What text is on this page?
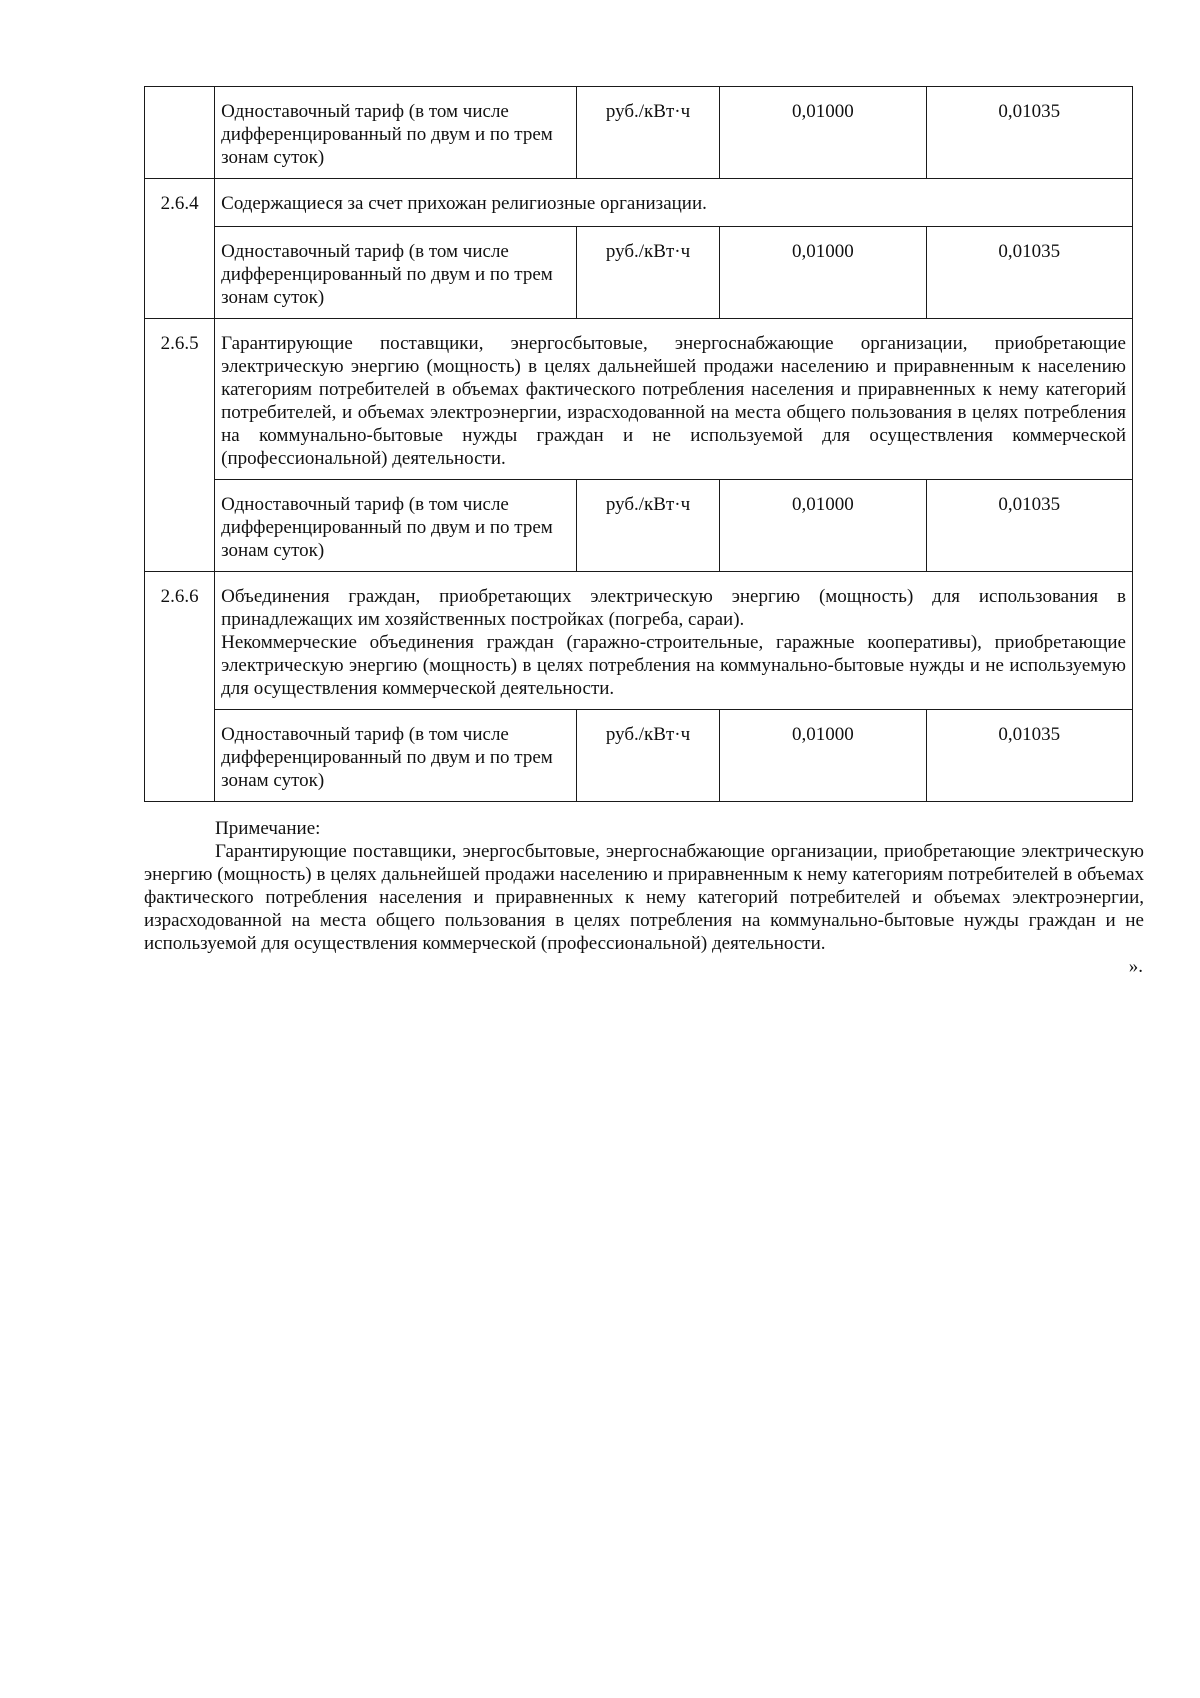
	Одноставочный тариф (в том числе дифференцированный по двум и по трем зонам суток)	руб./кВт·ч	0,01000	0,01035
2.6.4	Содержащиеся за счет прихожан религиозные организации.			

	Одноставочный тариф (в том числе дифференцированный по двум и по трем зонам суток)	руб./кВт·ч	0,01000	0,01035
2.6.5	Гарантирующие поставщики, энергосбытовые, энергоснабжающие организации, приобретающие электрическую энергию (мощность) в целях дальнейшей продажи населению и приравненным к населению категориям потребителей в объемах фактического потребления населения и приравненных к нему категорий потребителей, и объемах электроэнергии, израсходованной на места общего пользования в целях потребления на коммунально-бытовые нужды граждан и не используемой для осуществления коммерческой (профессиональной) деятельности.			

	Одноставочный тариф (в том числе дифференцированный по двум и по трем зонам суток)	руб./кВт·ч	0,01000	0,01035
2.6.6	Объединения граждан, приобретающих электрическую энергию (мощность) для использования в принадлежащих им хозяйственных постройках (погреба, сараи).

Некоммерческие объединения граждан (гаражно-строительные, гаражные кооперативы), приобретающие электрическую энергию (мощность) в целях потребления на коммунально-бытовые нужды и не используемую для осуществления коммерческой деятельности.			

	Одноставочный тариф (в том числе дифференцированный по двум и по трем зонам суток)	руб./кВт·ч	0,01000	0,01035

Примечание:

Гарантирующие поставщики, энергосбытовые, энергоснабжающие организации, приобретающие электрическую энергию (мощность) в целях дальнейшей продажи населению и приравненным к нему категориям потребителей в объемах фактического потребления населения и приравненных к нему категорий потребителей и объемах электроэнергии, израсходованной на места общего пользования в целях потребления на коммунально-бытовые нужды граждан и не используемой для осуществления коммерческой (профессиональной) деятельности.

».
